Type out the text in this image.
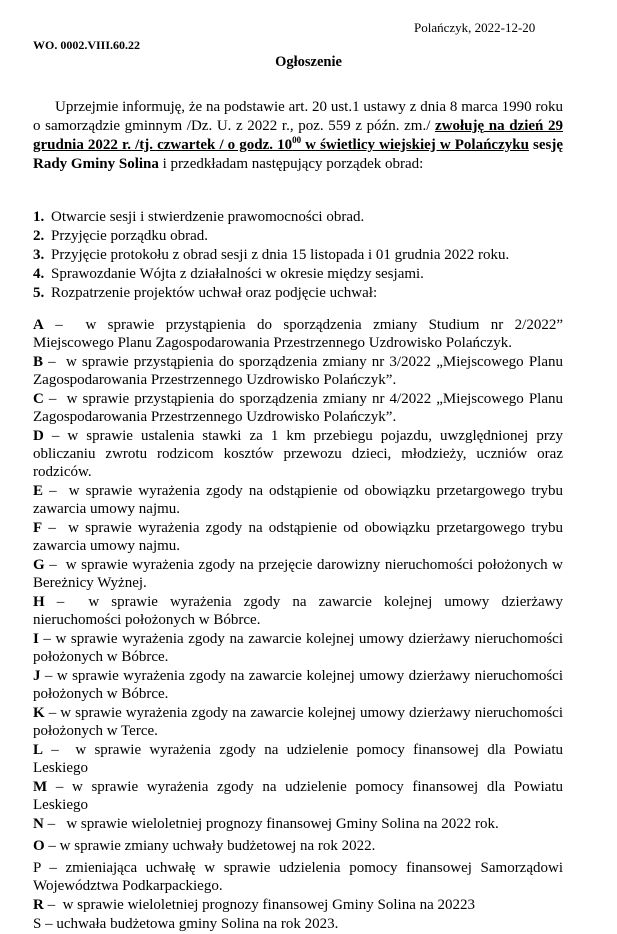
Polańczyk, 2022-12-20
WO. 0002.VIII.60.22
Ogłoszenie

Uprzejmie informuję, że na podstawie art. 20 ust.1 ustawy z dnia 8 marca 1990 roku o samorządzie gminnym /Dz. U. z 2022 r., poz. 559 z późn. zm./ zwołuję na dzień 29 grudnia 2022 r. /tj. czwartek / o godz. $10^{00}$ w świetlicy wiejskiej w Polańczyku sesję Rady Gminy Solina i przedkładam następujący porządek obrad:

1. Otwarcie sesji i stwierdzenie prawomocności obrad.
2. Przyjęcie porządku obrad.
3. Przyjęcie protokołu z obrad sesji z dnia 15 listopada i 01 grudnia 2022 roku.
4. Sprawozdanie Wójta z działalności w okresie między sesjami.
5. Rozpatrzenie projektów uchwał oraz podjęcie uchwał:
A –  w sprawie przystąpienia do sporządzenia zmiany Studium nr 2/2022” Miejscowego Planu Zagospodarowania Przestrzennego Uzdrowisko Polańczyk.
B –  w sprawie przystąpienia do sporządzenia zmiany nr 3/2022 „Miejscowego Planu Zagospodarowania Przestrzennego Uzdrowisko Polańczyk”.
C –  w sprawie przystąpienia do sporządzenia zmiany nr 4/2022 „Miejscowego Planu Zagospodarowania Przestrzennego Uzdrowisko Polańczyk”.
D – w sprawie ustalenia stawki za 1 km przebiegu pojazdu, uwzględnionej przy obliczaniu zwrotu rodzicom kosztów przewozu dzieci, młodzieży, uczniów oraz rodziców.
E –  w sprawie wyrażenia zgody na odstąpienie od obowiązku przetargowego trybu zawarcia umowy najmu.
F –  w sprawie wyrażenia zgody na odstąpienie od obowiązku przetargowego trybu zawarcia umowy najmu.
G –  w sprawie wyrażenia zgody na przejęcie darowizny nieruchomości położonych w Bereżnicy Wyżnej.
H –  w sprawie wyrażenia zgody na zawarcie kolejnej umowy dzierżawy nieruchomości położonych w Bóbrce.
I – w sprawie wyrażenia zgody na zawarcie kolejnej umowy dzierżawy nieruchomości położonych w Bóbrce.
J – w sprawie wyrażenia zgody na zawarcie kolejnej umowy dzierżawy nieruchomości położonych w Bóbrce.
K – w sprawie wyrażenia zgody na zawarcie kolejnej umowy dzierżawy nieruchomości położonych w Terce.
L –  w sprawie wyrażenia zgody na udzielenie pomocy finansowej dla Powiatu Leskiego
M – w sprawie wyrażenia zgody na udzielenie pomocy finansowej dla Powiatu Leskiego
N –   w sprawie wieloletniej prognozy finansowej Gminy Solina na 2022 rok.
O – w sprawie zmiany uchwały budżetowej na rok 2022.
P – zmieniająca uchwałę w sprawie udzielenia pomocy finansowej Samorządowi Województwa Podkarpackiego.
R –  w sprawie wieloletniej prognozy finansowej Gminy Solina na 20223
S – uchwała budżetowa gminy Solina na rok 2023.
